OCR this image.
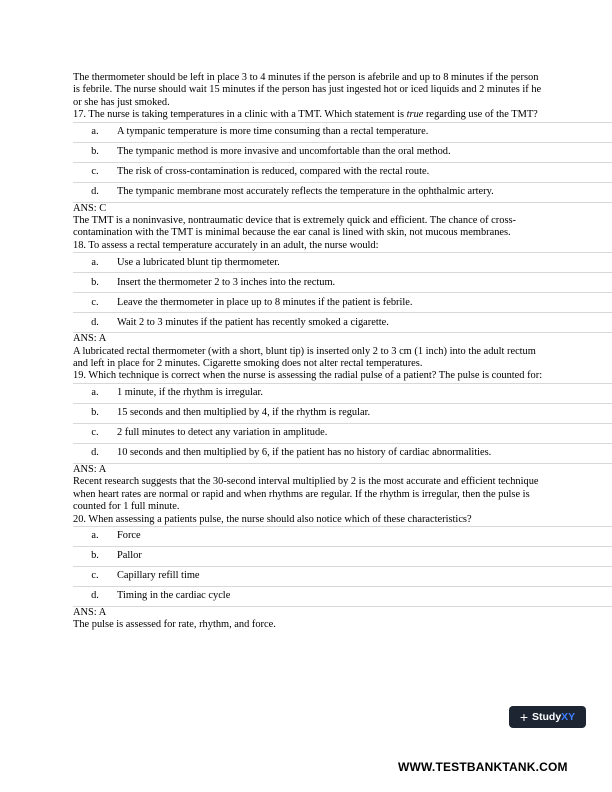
The thermometer should be left in place 3 to 4 minutes if the person is afebrile and up to 8 minutes if the person is febrile. The nurse should wait 15 minutes if the person has just ingested hot or iced liquids and 2 minutes if he or she has just smoked.

17. The nurse is taking temperatures in a clinic with a TMT. Which statement is true regarding use of the TMT?

a.	A tympanic temperature is more time consuming than a rectal temperature.
b.	The tympanic method is more invasive and uncomfortable than the oral method.
c.	The risk of cross-contamination is reduced, compared with the rectal route.
d.	The tympanic membrane most accurately reflects the temperature in the ophthalmic artery.

ANS: C

The TMT is a noninvasive, nontraumatic device that is extremely quick and efficient. The chance of cross-contamination with the TMT is minimal because the ear canal is lined with skin, not mucous membranes.

18. To assess a rectal temperature accurately in an adult, the nurse would:

a.	Use a lubricated blunt tip thermometer.
b.	Insert the thermometer 2 to 3 inches into the rectum.
c.	Leave the thermometer in place up to 8 minutes if the patient is febrile.
d.	Wait 2 to 3 minutes if the patient has recently smoked a cigarette.

ANS: A

A lubricated rectal thermometer (with a short, blunt tip) is inserted only 2 to 3 cm (1 inch) into the adult rectum and left in place for 2 minutes. Cigarette smoking does not alter rectal temperatures.

19. Which technique is correct when the nurse is assessing the radial pulse of a patient? The pulse is counted for:

a.	1 minute, if the rhythm is irregular.
b.	15 seconds and then multiplied by 4, if the rhythm is regular.
c.	2 full minutes to detect any variation in amplitude.
d.	10 seconds and then multiplied by 6, if the patient has no history of cardiac abnormalities.

ANS: A

Recent research suggests that the 30-second interval multiplied by 2 is the most accurate and efficient technique when heart rates are normal or rapid and when rhythms are regular. If the rhythm is irregular, then the pulse is counted for 1 full minute.

20. When assessing a patients pulse, the nurse should also notice which of these characteristics?

a.	Force
b.	Pallor
c.	Capillary refill time
d.	Timing in the cardiac cycle

ANS: A

The pulse is assessed for rate, rhythm, and force.

+ StudyXY
WWW.TESTBANKTANK.COM
